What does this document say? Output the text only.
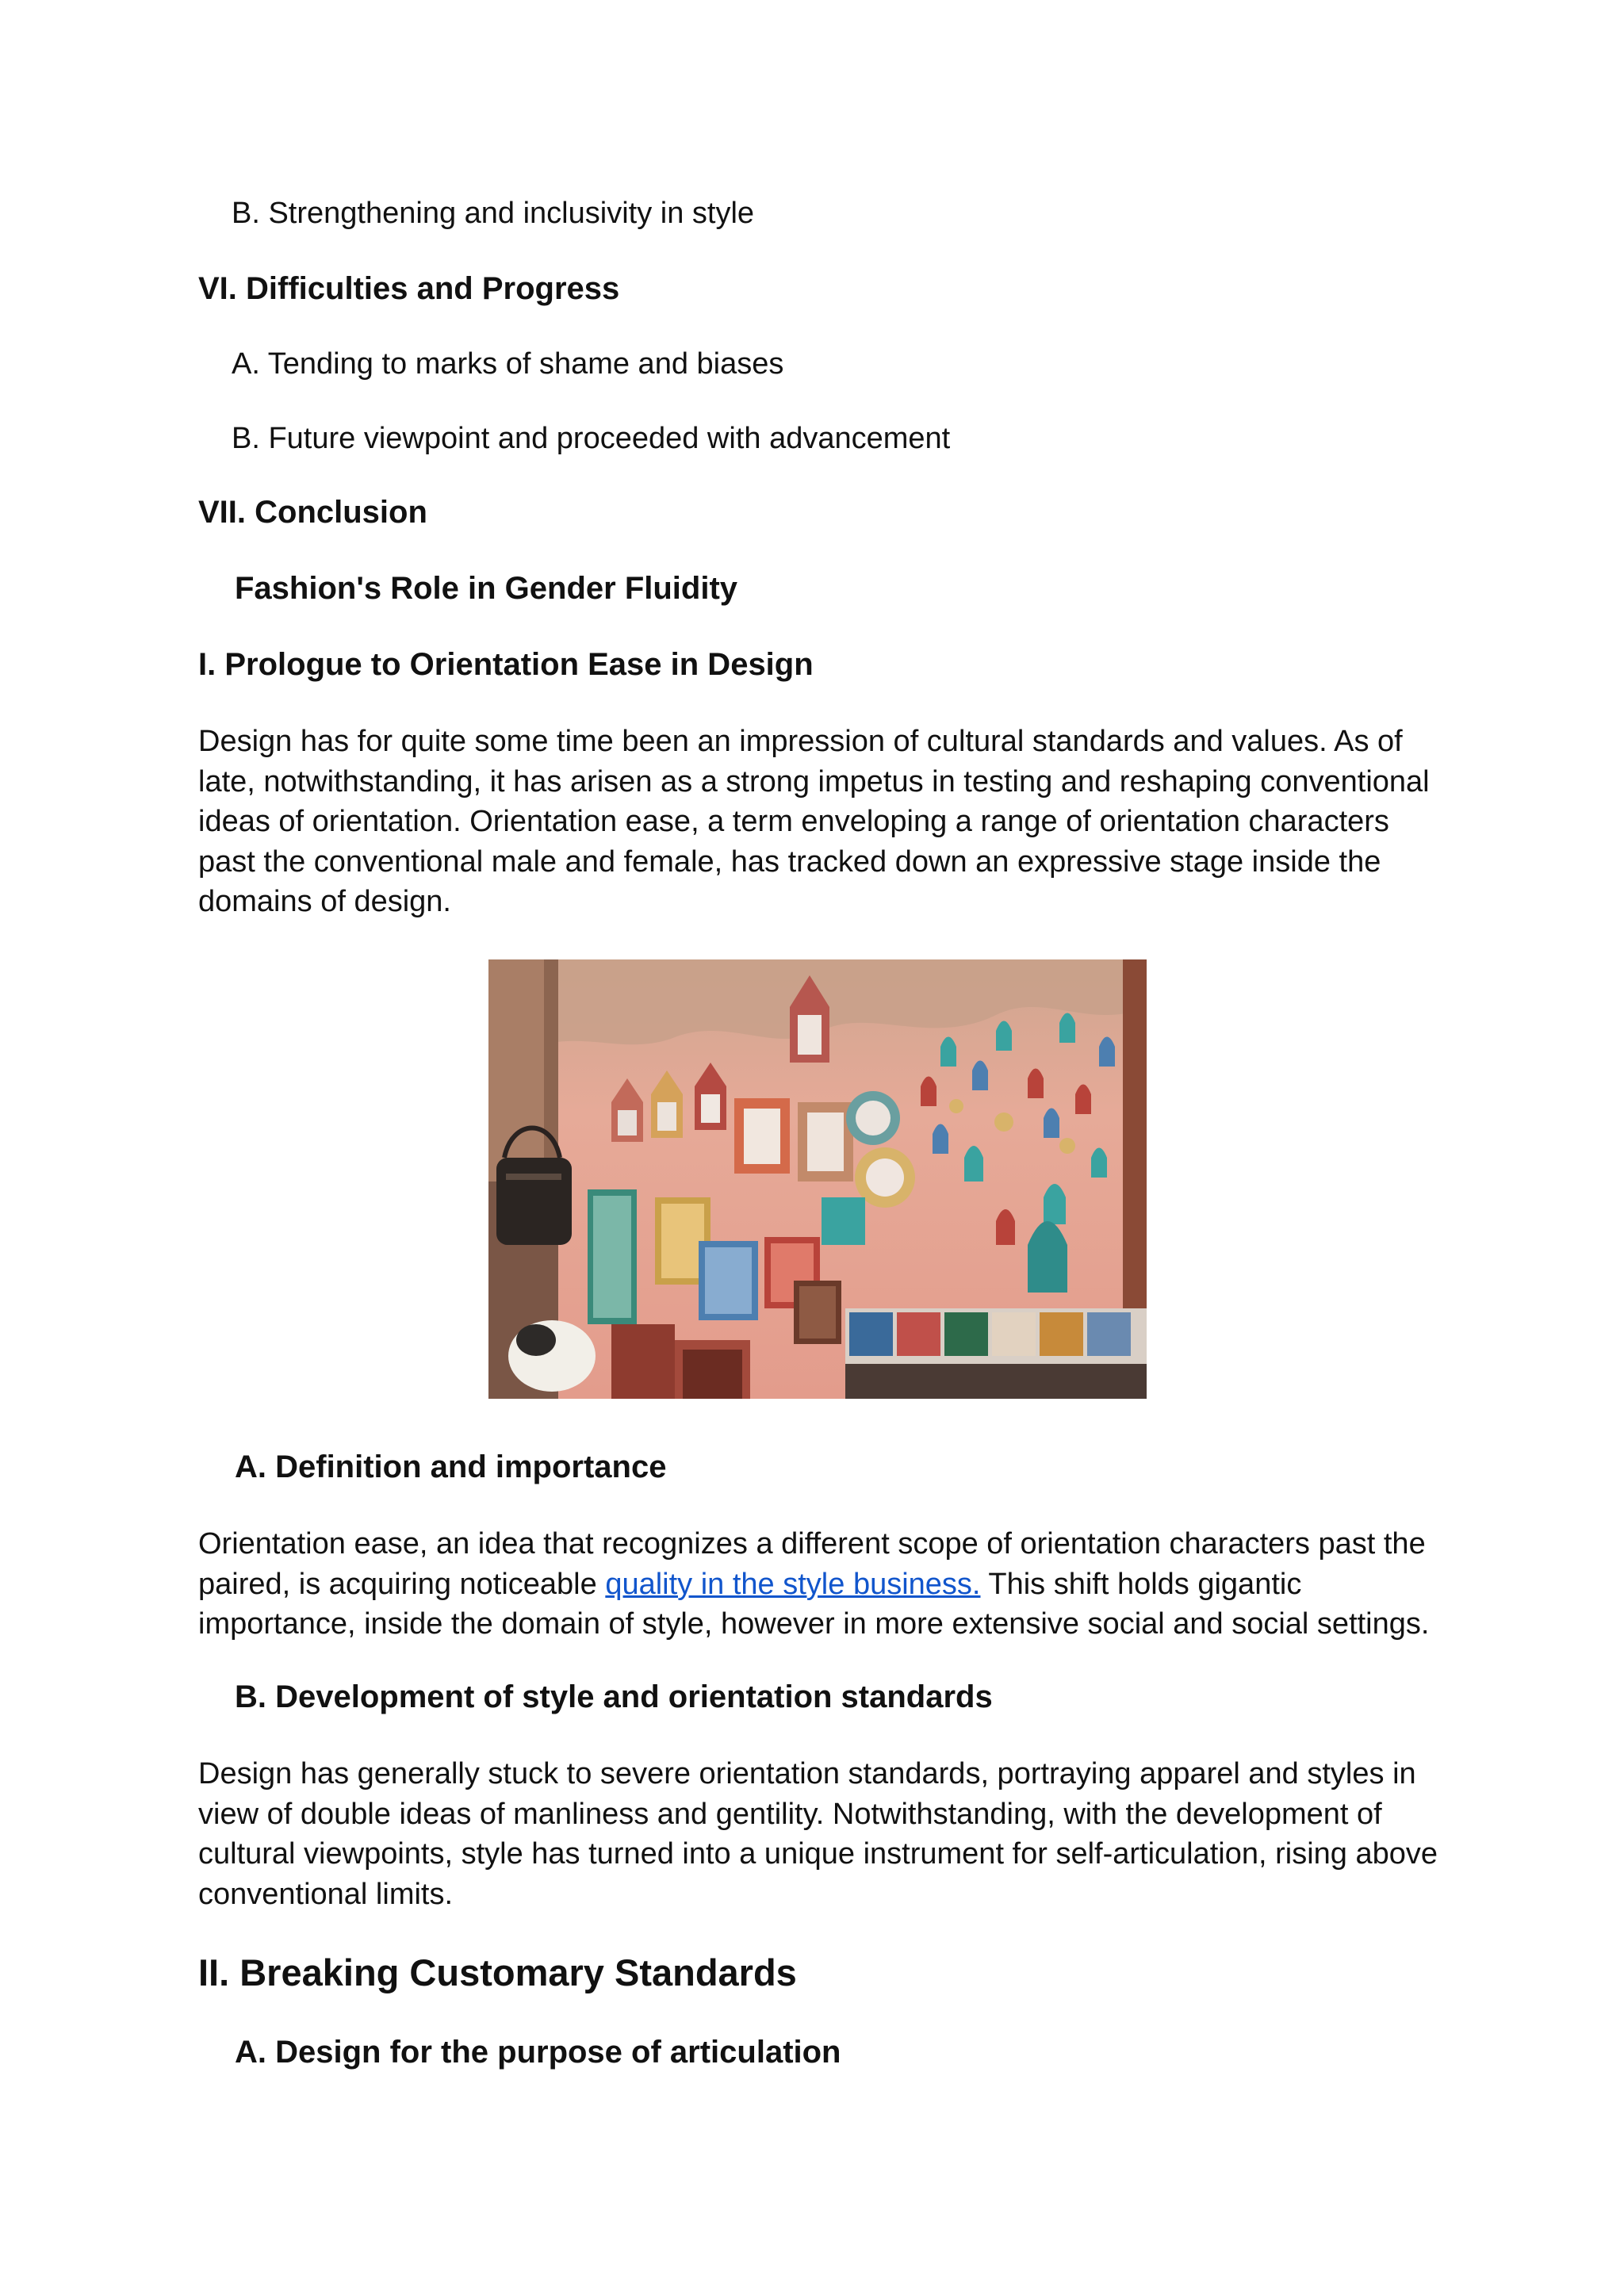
B. Strengthening and inclusivity in style
VI. Difficulties and Progress
A. Tending to marks of shame and biases
B. Future viewpoint and proceeded with advancement
VII. Conclusion
Fashion's Role in Gender Fluidity
I. Prologue to Orientation Ease in Design

Design has for quite some time been an impression of cultural standards and values. As of late, notwithstanding, it has arisen as a strong impetus in testing and reshaping conventional ideas of orientation. Orientation ease, a term enveloping a range of orientation characters past the conventional male and female, has tracked down an expressive stage inside the domains of design.

A. Definition and importance

Orientation ease, an idea that recognizes a different scope of orientation characters past the paired, is acquiring noticeable quality in the style business. This shift holds gigantic importance, inside the domain of style, however in more extensive social and social settings.

B. Development of style and orientation standards

Design has generally stuck to severe orientation standards, portraying apparel and styles in view of double ideas of manliness and gentility. Notwithstanding, with the development of cultural viewpoints, style has turned into a unique instrument for self-articulation, rising above conventional limits.

II. Breaking Customary Standards
A. Design for the purpose of articulation
